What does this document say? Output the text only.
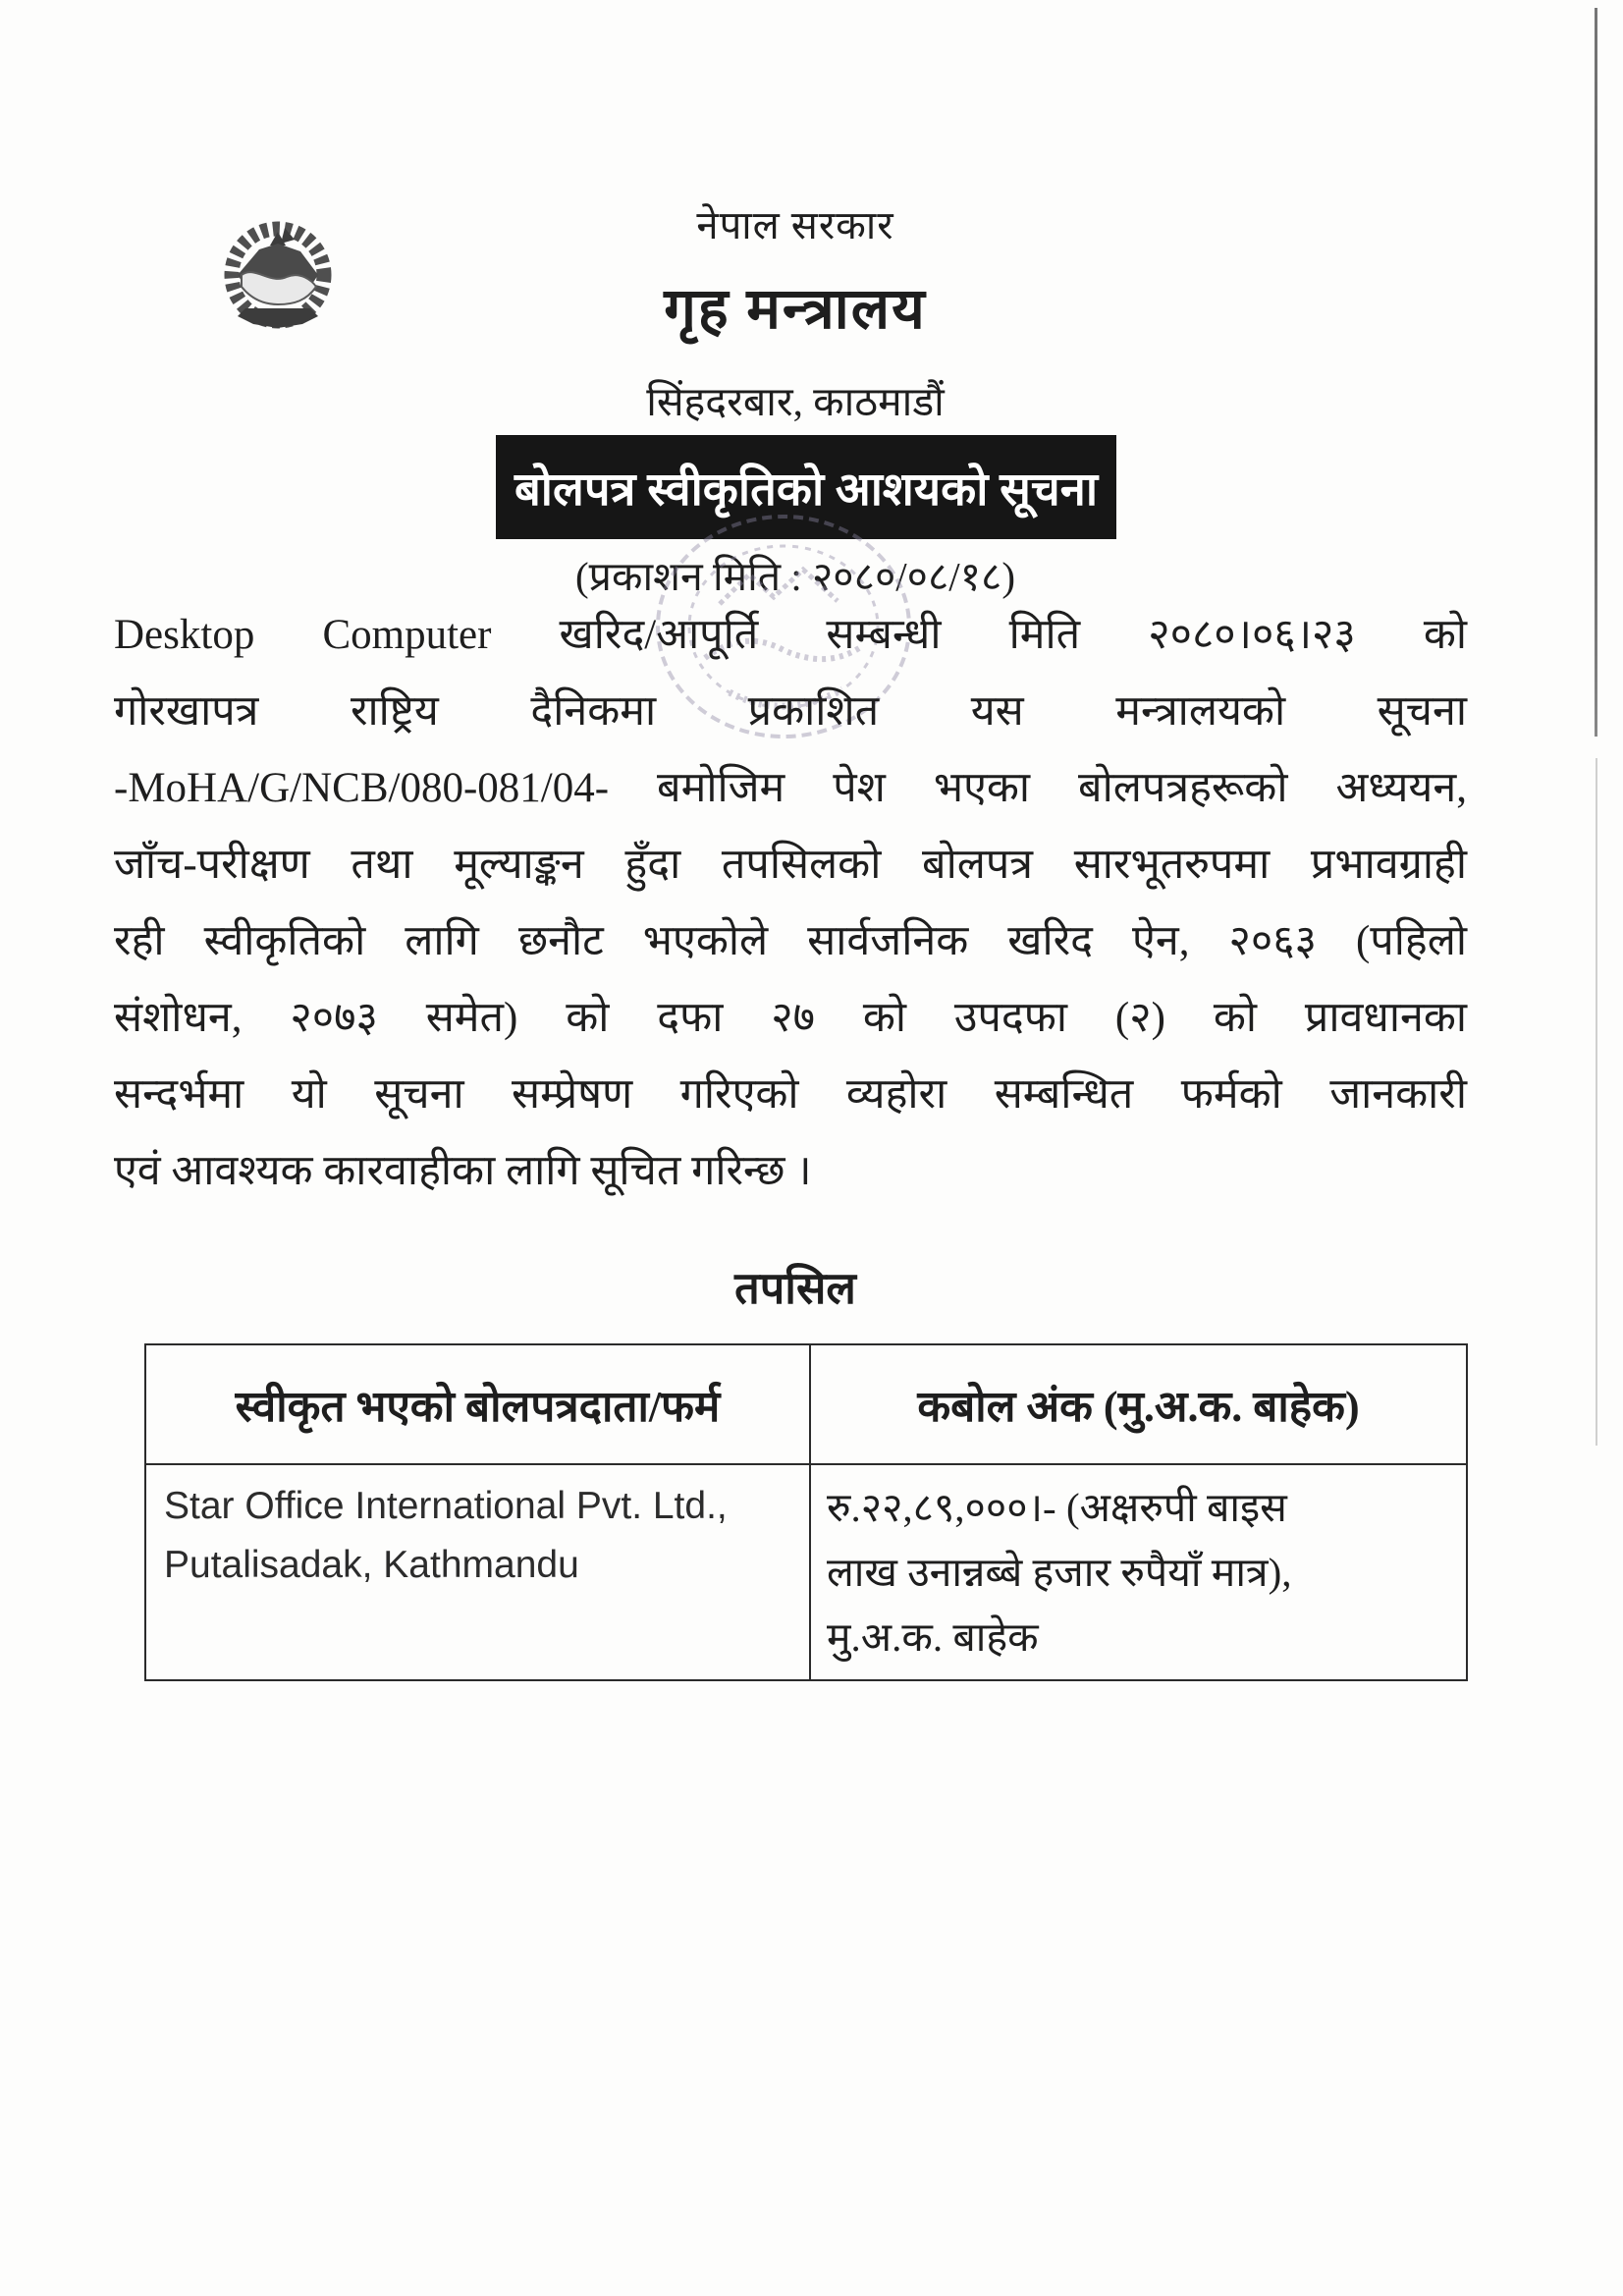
नेपाल सरकार
गृह मन्त्रालय
सिंहदरबार, काठमाडौं
बोलपत्र स्वीकृतिको आशयको सूचना
(प्रकाशन मिति : २०८०/०८/१८)
Desktop Computer खरिद/आपूर्ति सम्बन्धी मिति २०८०।०६।२३ को
गोरखापत्र राष्ट्रिय दैनिकमा प्रकाशित यस मन्त्रालयको सूचना
-MoHA/G/NCB/080-081/04- बमोजिम पेश भएका बोलपत्रहरूको अध्ययन,
जाँच-परीक्षण तथा मूल्याङ्कन हुँदा तपसिलको बोलपत्र सारभूतरुपमा प्रभावग्राही
रही स्वीकृतिको लागि छनौट भएकोले सार्वजनिक खरिद ऐन, २०६३ (पहिलो
संशोधन, २०७३ समेत) को दफा २७ को उपदफा (२) को प्रावधानका
सन्दर्भमा यो सूचना सम्प्रेषण गरिएको व्यहोरा सम्बन्धित फर्मको जानकारी
एवं आवश्यक कारवाहीका लागि सूचित गरिन्छ ।
तपसिल
स्वीकृत भएको बोलपत्रदाता/फर्म	कबोल अंक (मु.अ.क. बाहेक)

Star Office International Pvt. Ltd.,
Putalisadak, Kathmandu

रु.२२,८९,०००।- (अक्षरुपी बाइस
लाख उनान्नब्बे हजार रुपैयाँ मात्र),
मु.अ.क. बाहेक
